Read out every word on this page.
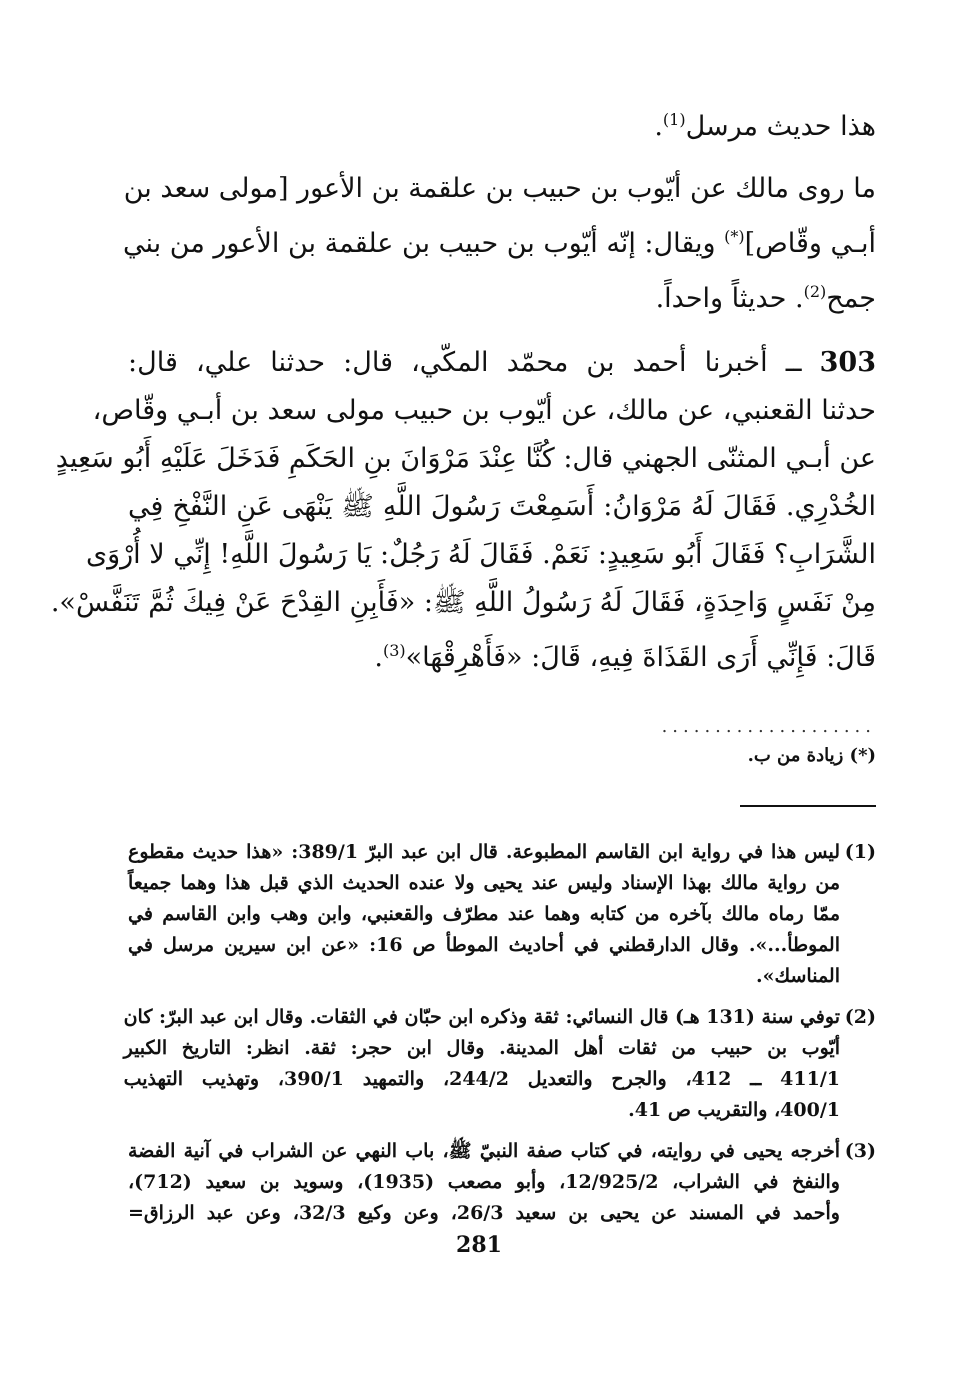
هذا حديث مرسل$^{(1)}$.

ما روى مالك عن أيّوب بن حبيب بن علقمة بن الأعور [مولى سعد بن
أبـي وقّاص](*) ويقال: إنّه أيّوب بن حبيب بن علقمة بن الأعور من بني
جمح$^{(2)}$. حديثاً واحداً.

303 ــ أخبرنا أحمد بن محمّد المكّي، قال: حدثنا علي، قال:
حدثنا القعنبي، عن مالك، عن أيّوب بن حبيب مولى سعد بن أبـي وقّاص،
عن أبـي المثنّى الجهني قال: كُنَّا عِنْدَ مَرْوَانَ بنِ الحَكَمِ فَدَخَلَ عَلَيْهِ أَبُو سَعِيدٍ
الخُدْرِي. فَقَالَ لَهُ مَرْوَانُ: أَسَمِعْتَ رَسُولَ اللَّهِ ﷺ يَنْهَى عَنِ النَّفْخِ فِي
الشَّرَابِ؟ فَقَالَ أَبُو سَعِيدٍ: نَعَمْ. فَقَالَ لَهُ رَجُلٌ: يَا رَسُولَ اللَّهِ! إِنِّي لا أُرْوَى
مِنْ نَفَسٍ وَاحِدَةٍ، فَقَالَ لَهُ رَسُولُ اللَّهِ ﷺ: «فَأَبِنِ القِدْحَ عَنْ فِيكَ ثُمَّ تَنَفَّسْ».
قَالَ: فَإِنِّي أَرَى القَذَاةَ فِيهِ، قَالَ: «فَأَهْرِقْهَا»$^{(3)}$.

....................
(*) زيادة من ب.
(1)
ليس هذا في رواية ابن القاسم المطبوعة. قال ابن عبد البرّ 389/1: «هذا حديث مقطوع
من رواية مالك بهذا الإسناد وليس عند يحيى ولا عنده الحديث الذي قبل هذا وهما جميعاً
ممّا رماه مالك بآخره من كتابه وهما عند مطرّف والقعنبي، وابن وهب وابن القاسم في
الموطأ...». وقال الدارقطني في أحاديث الموطأ ص 16: «عن ابن سيرين مرسل في
المناسك».
(2)
توفي سنة (131 هـ) قال النسائي: ثقة وذكره ابن حبّان في الثقات. وقال ابن عبد البرّ: كان
أيّوب بن حبيب من ثقات أهل المدينة. وقال ابن حجر: ثقة. انظر: التاريخ الكبير
411/1 ــ 412، والجرح والتعديل 244/2، والتمهيد 390/1، وتهذيب التهذيب
400/1، والتقريب ص 41.
(3)
أخرجه يحيى في روايته، في كتاب صفة النبيّ ﷺ، باب النهي عن الشراب في آنية الفضة
والنفخ في الشراب، 12/925/2، وأبو مصعب (1935)، وسويد بن سعيد (712)،
وأحمد في المسند عن يحيى بن سعيد 26/3، وعن وكيع 32/3، وعن عبد الرزاق=
281
